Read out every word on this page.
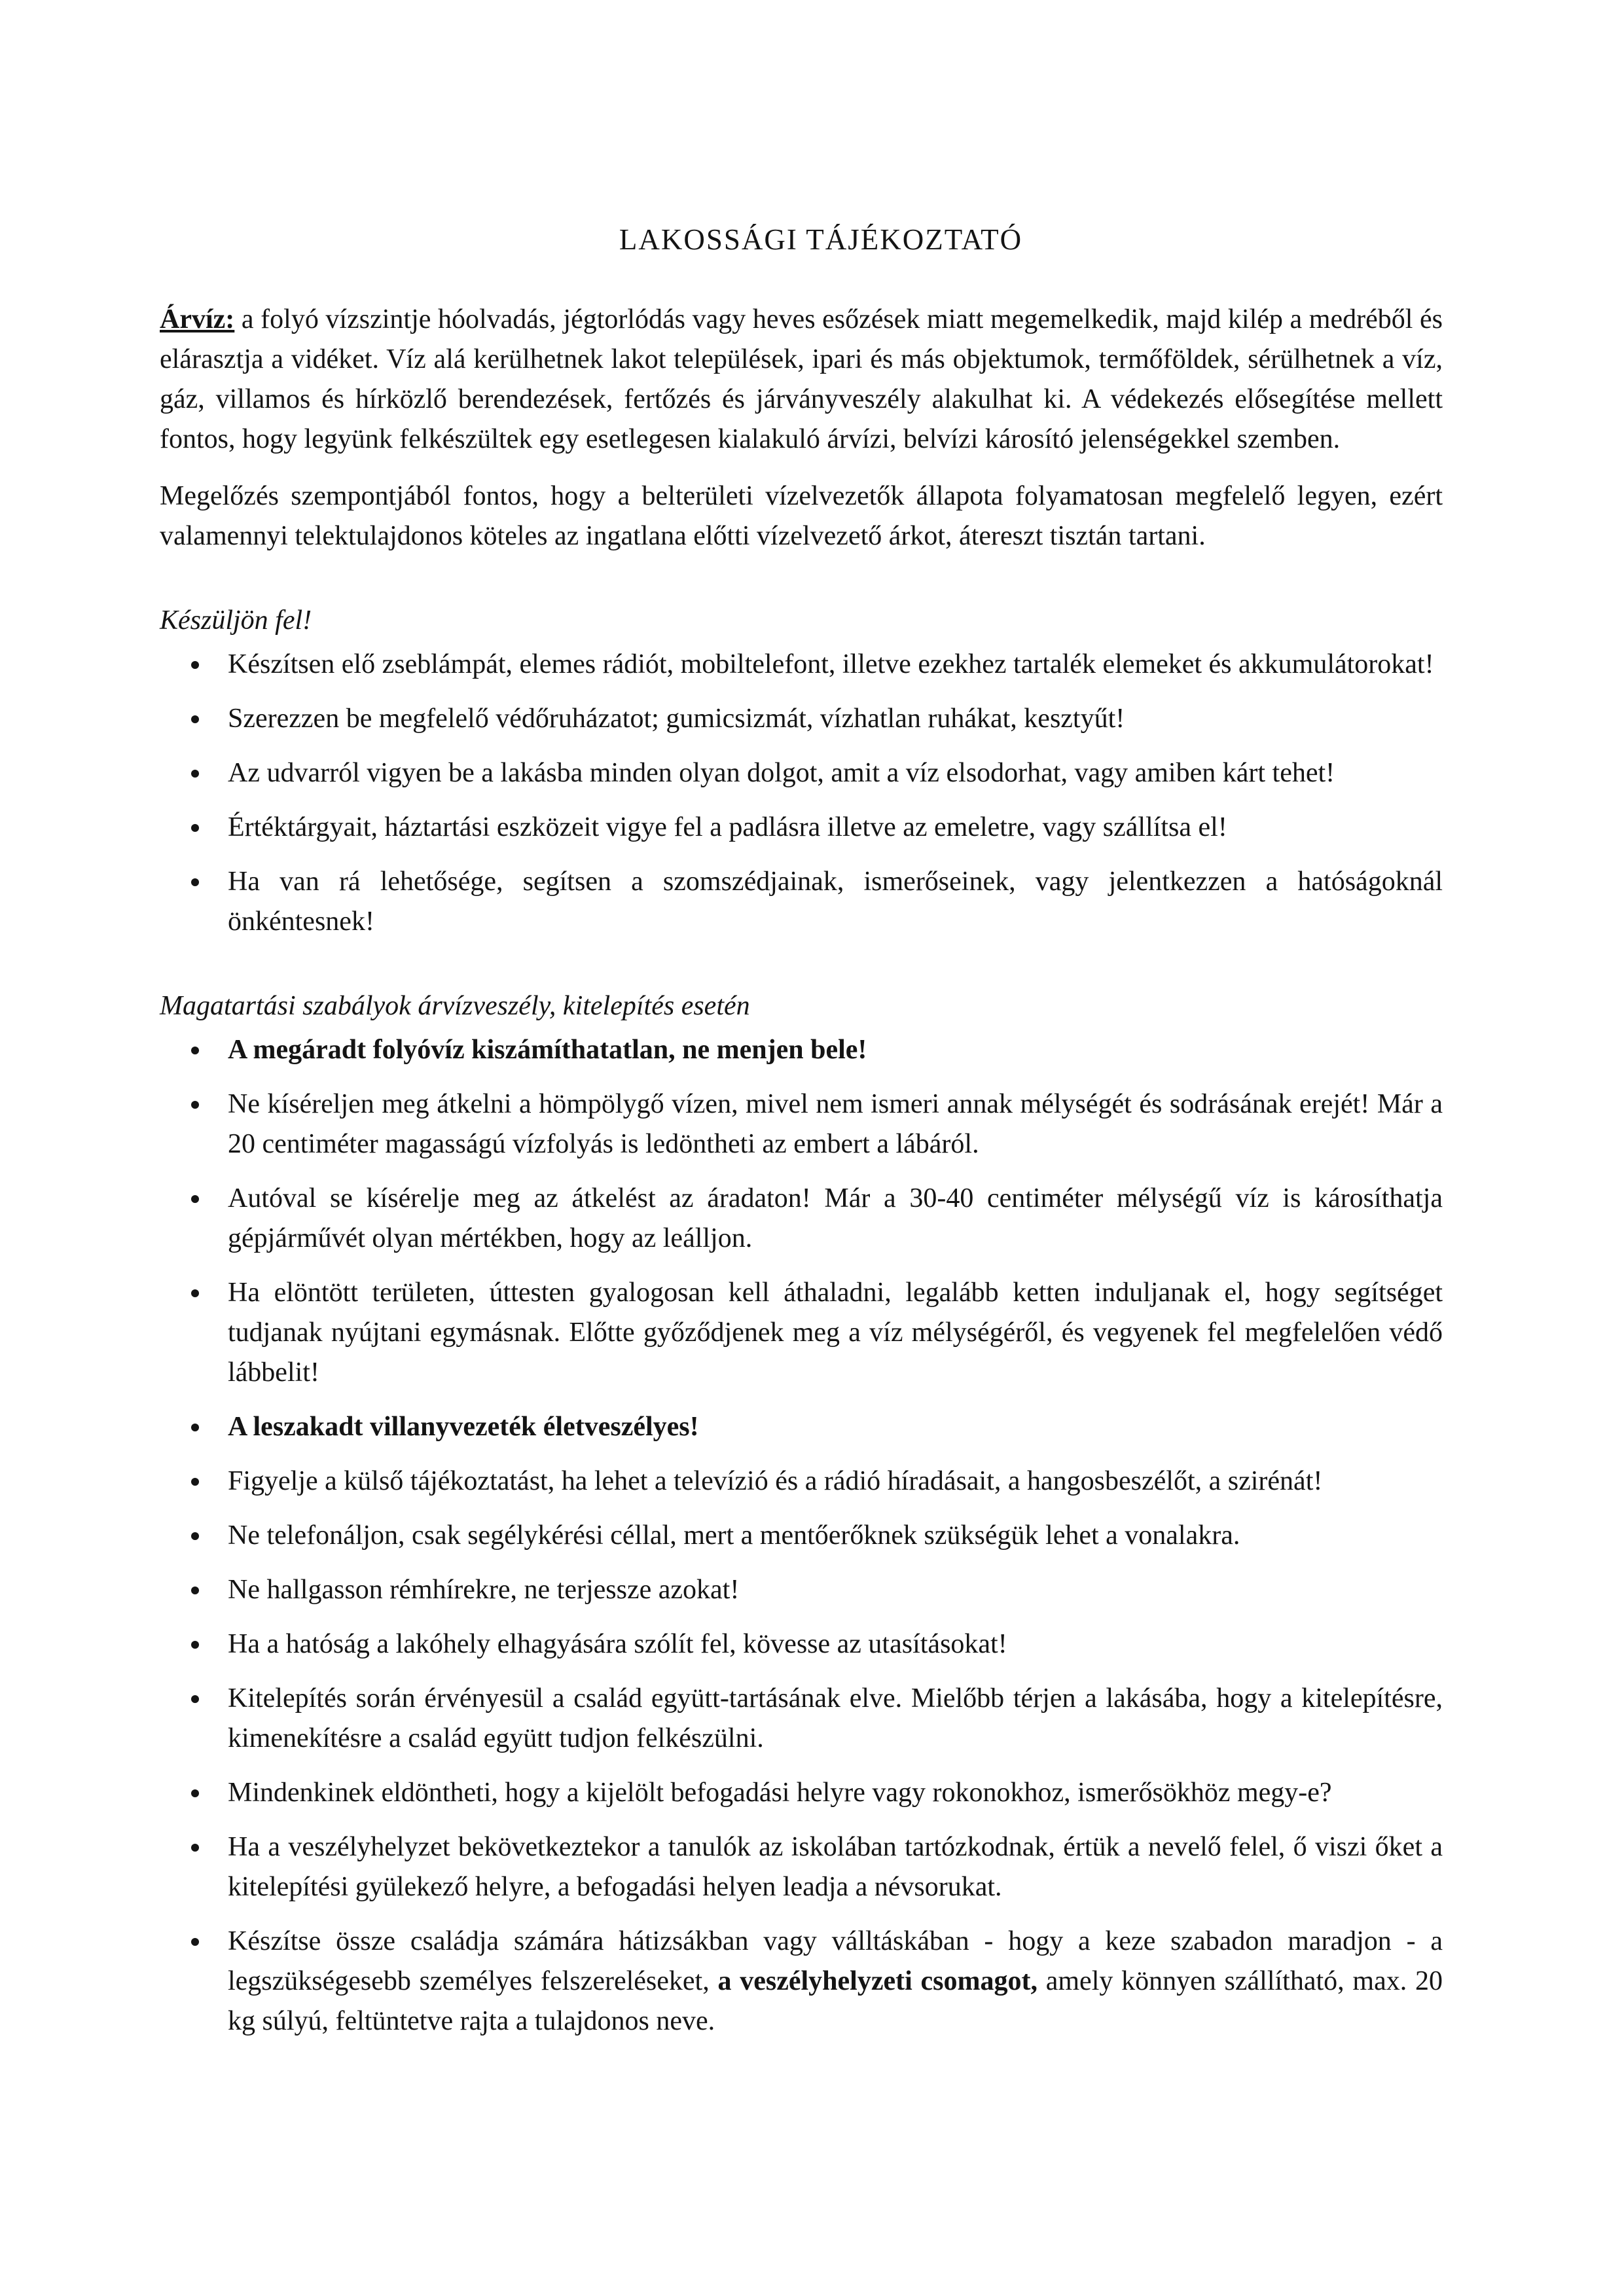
LAKOSSÁGI TÁJÉKOZTATÓ

Árvíz: a folyó vízszintje hóolvadás, jégtorlódás vagy heves esőzések miatt megemelkedik, majd kilép a medréből és elárasztja a vidéket. Víz alá kerülhetnek lakot települések, ipari és más objektumok, termőföldek, sérülhetnek a víz, gáz, villamos és hírközlő berendezések, fertőzés és járványveszély alakulhat ki. A védekezés elősegítése mellett fontos, hogy legyünk felkészültek egy esetlegesen kialakuló árvízi, belvízi károsító jelenségekkel szemben.

Megelőzés szempontjából fontos, hogy a belterületi vízelvezetők állapota folyamatosan megfelelő legyen, ezért valamennyi telektulajdonos köteles az ingatlana előtti vízelvezető árkot, átereszt tisztán tartani.

Készüljön fel!
Készítsen elő zseblámpát, elemes rádiót, mobiltelefont, illetve ezekhez tartalék elemeket és akkumulátorokat!
Szerezzen be megfelelő védőruházatot; gumicsizmát, vízhatlan ruhákat, kesztyűt!
Az udvarról vigyen be a lakásba minden olyan dolgot, amit a víz elsodorhat, vagy amiben kárt tehet!
Értéktárgyait, háztartási eszközeit vigye fel a padlásra illetve az emeletre, vagy szállítsa el!
Ha van rá lehetősége, segítsen a szomszédjainak, ismerőseinek, vagy jelentkezzen a hatóságoknál önkéntesnek!
Magatartási szabályok árvízveszély, kitelepítés esetén
A megáradt folyóvíz kiszámíthatatlan, ne menjen bele!
Ne kíséreljen meg átkelni a hömpölygő vízen, mivel nem ismeri annak mélységét és sodrásának erejét! Már a 20 centiméter magasságú vízfolyás is ledöntheti az embert a lábáról.
Autóval se kísérelje meg az átkelést az áradaton! Már a 30-40 centiméter mélységű víz is károsíthatja gépjárművét olyan mértékben, hogy az leálljon.
Ha elöntött területen, úttesten gyalogosan kell áthaladni, legalább ketten induljanak el, hogy segítséget tudjanak nyújtani egymásnak. Előtte győződjenek meg a víz mélységéről, és vegyenek fel megfelelően védő lábbelit!
A leszakadt villanyvezeték életveszélyes!
Figyelje a külső tájékoztatást, ha lehet a televízió és a rádió híradásait, a hangosbeszélőt, a szirénát!
Ne telefonáljon, csak segélykérési céllal, mert a mentőerőknek szükségük lehet a vonalakra.
Ne hallgasson rémhírekre, ne terjessze azokat!
Ha a hatóság a lakóhely elhagyására szólít fel, kövesse az utasításokat!
Kitelepítés során érvényesül a család együtt-tartásának elve. Mielőbb térjen a lakásába, hogy a kitelepítésre, kimenekítésre a család együtt tudjon felkészülni.
Mindenkinek eldöntheti, hogy a kijelölt befogadási helyre vagy rokonokhoz, ismerősökhöz megy-e?
Ha a veszélyhelyzet bekövetkeztekor a tanulók az iskolában tartózkodnak, értük a nevelő felel, ő viszi őket a kitelepítési gyülekező helyre, a befogadási helyen leadja a névsorukat.
Készítse össze családja számára hátizsákban vagy válltáskában - hogy a keze szabadon maradjon - a legszükségesebb személyes felszereléseket, a veszélyhelyzeti csomagot, amely könnyen szállítható, max. 20 kg súlyú, feltüntetve rajta a tulajdonos neve.
